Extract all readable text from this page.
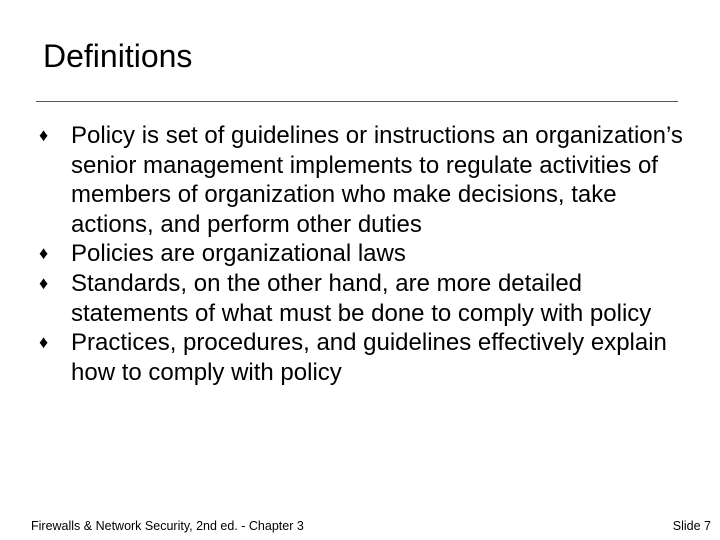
Definitions
♦ Policy is set of guidelines or instructions an organization’s senior management implements to regulate activities of members of organization who make decisions, take actions, and perform other duties
♦ Policies are organizational laws
♦ Standards, on the other hand, are more detailed statements of what must be done to comply with policy
♦ Practices, procedures, and guidelines effectively explain how to comply with policy
Firewalls & Network Security, 2nd ed. - Chapter 3	Slide 7
